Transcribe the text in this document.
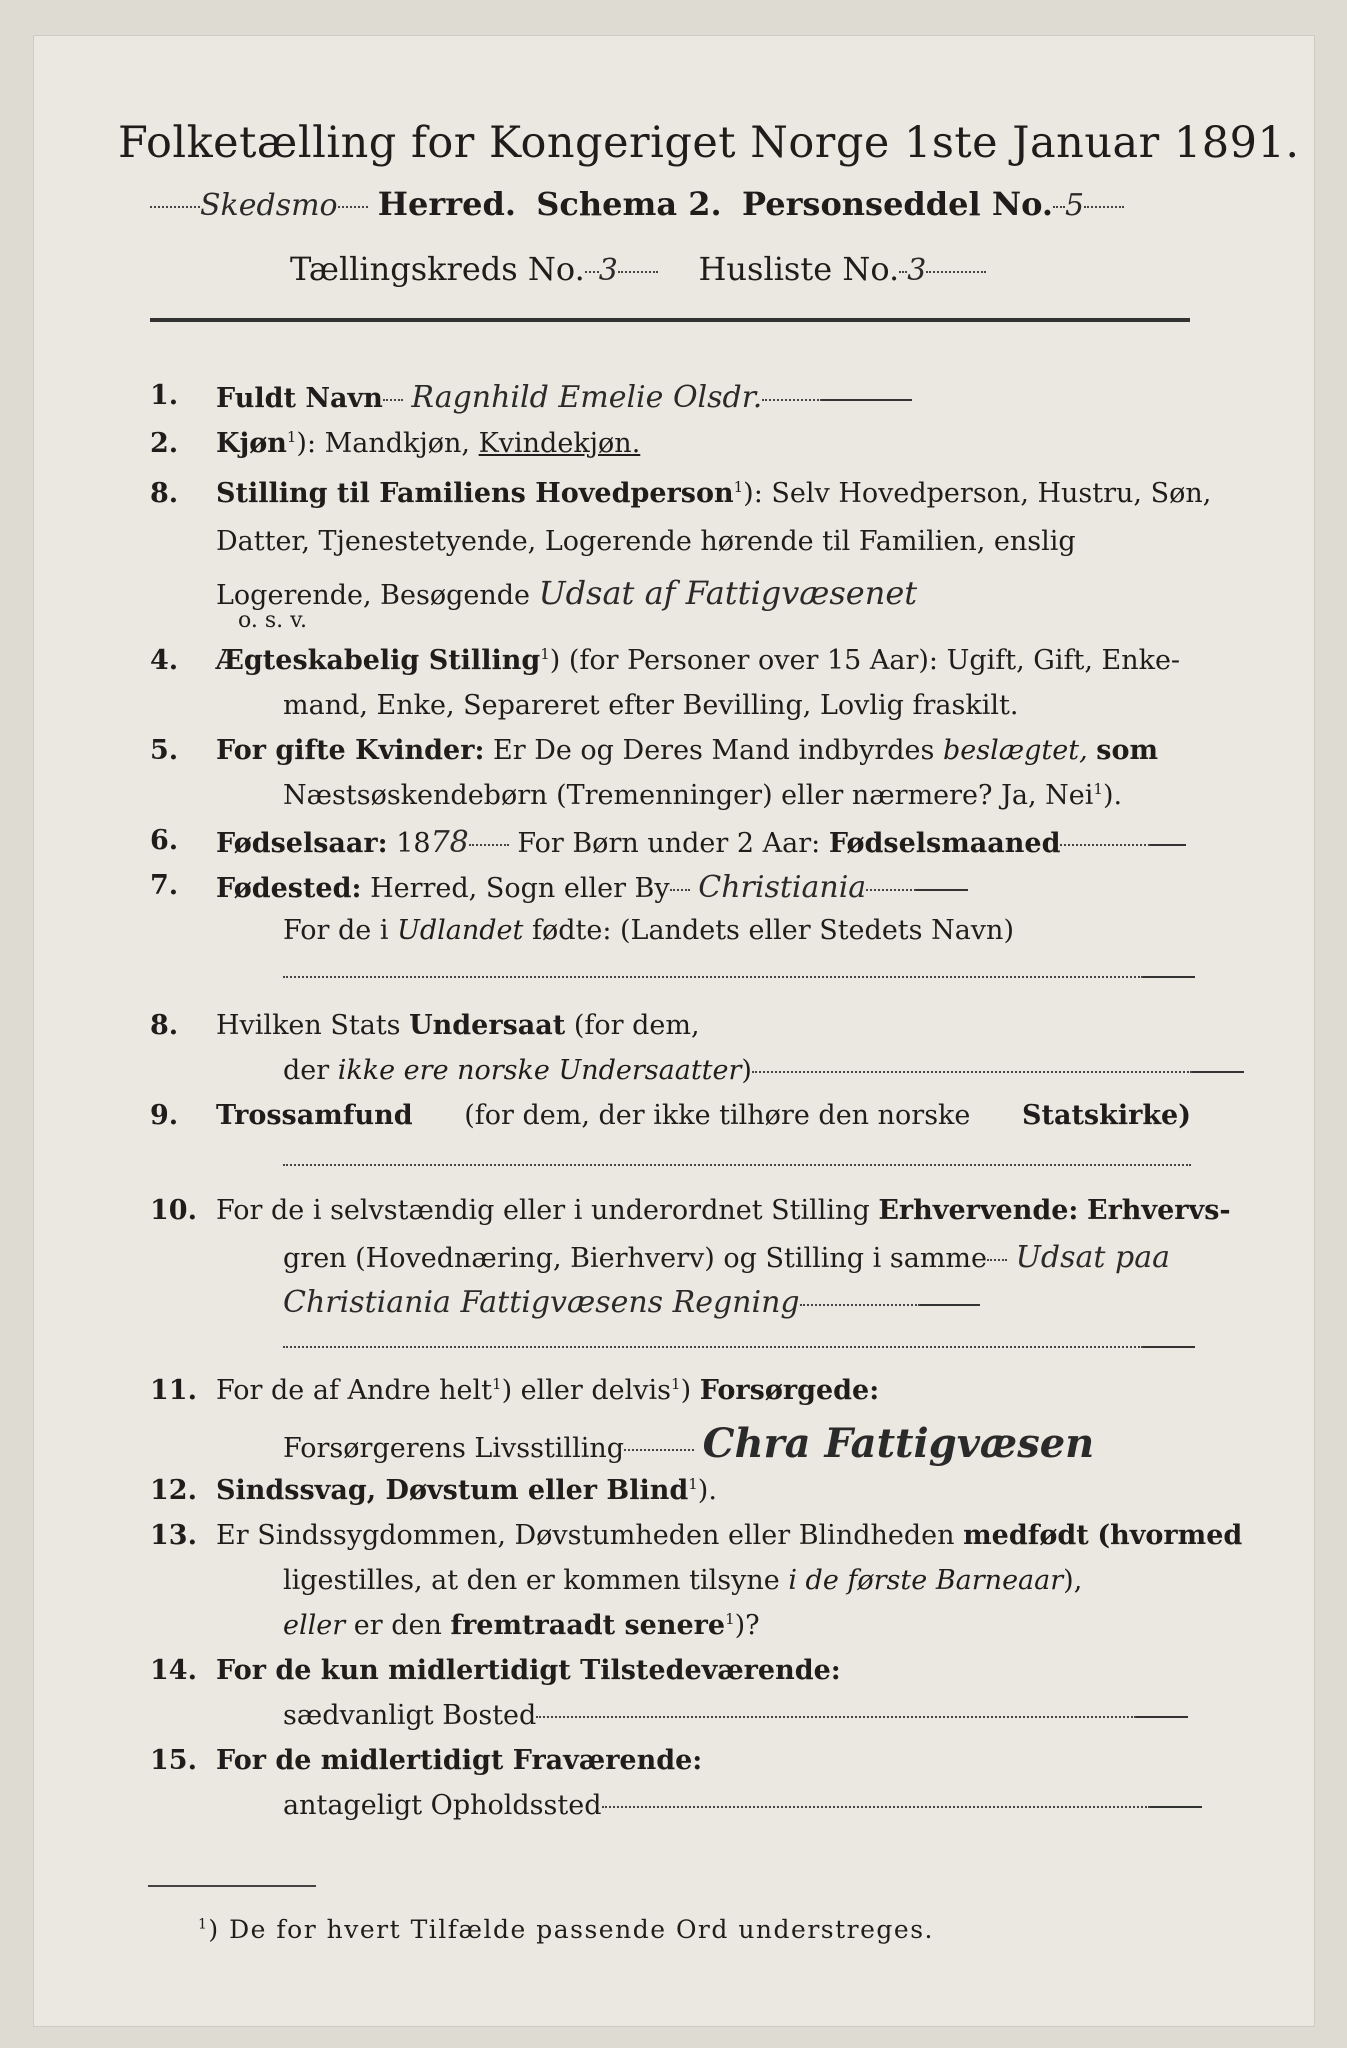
Folketælling for Kongeriget Norge 1ste Januar 1891.
Skedsmo Herred. Schema 2. Personseddel No. 5
Tællingskreds No. 3	Husliste No. 3
1. Fuldt Navn Ragnhild Emelie Olsdr.
2. Kjøn$^1$): Mandkjøn, Kvindekjøn.
8. Stilling til Familiens Hovedperson$^1$): Selv Hovedperson, Hustru, Søn,
Datter, Tjenestetyende, Logerende hørende til Familien, enslig
Logerende, Besøgende Udsat af Fattigvæsenet
o. s. v.
4. Ægteskabelig Stilling$^1$) (for Personer over 15 Aar): Ugift, Gift, Enke-
mand, Enke, Separeret efter Bevilling, Lovlig fraskilt.
5. For gifte Kvinder: Er De og Deres Mand indbyrdes beslægtet, som
Næstsøskendebørn (Tremenninger) eller nærmere? Ja, Nei$^1$).
6. Fødselsaar: 1878 For Børn under 2 Aar: Fødselsmaaned
7. Fødested: Herred, Sogn eller By Christiania
For de i Udlandet fødte: (Landets eller Stedets Navn)
8. Hvilken Stats Undersaat (for dem,
der ikke ere norske Undersaatter)
9. Trossamfund (for dem, der ikke tilhøre den norske Statskirke)
10. For de i selvstændig eller i underordnet Stilling Erhvervende: Erhvervs-
gren (Hovednæring, Bierhverv) og Stilling i samme Udsat paa
Christiania Fattigvæsens Regning
11. For de af Andre helt$^1$) eller delvis$^1$) Forsørgede:
Forsørgerens Livsstilling Chra Fattigvæsen
12. Sindssvag, Døvstum eller Blind$^1$).
13. Er Sindssygdommen, Døvstumheden eller Blindheden medfødt (hvormed
ligestilles, at den er kommen tilsyne i de første Barneaar),
eller er den fremtraadt senere$^1$)?
14. For de kun midlertidigt Tilstedeværende:
sædvanligt Bosted
15. For de midlertidigt Fraværende:
antageligt Opholdssted
$^1$) De for hvert Tilfælde passende Ord understreges.
